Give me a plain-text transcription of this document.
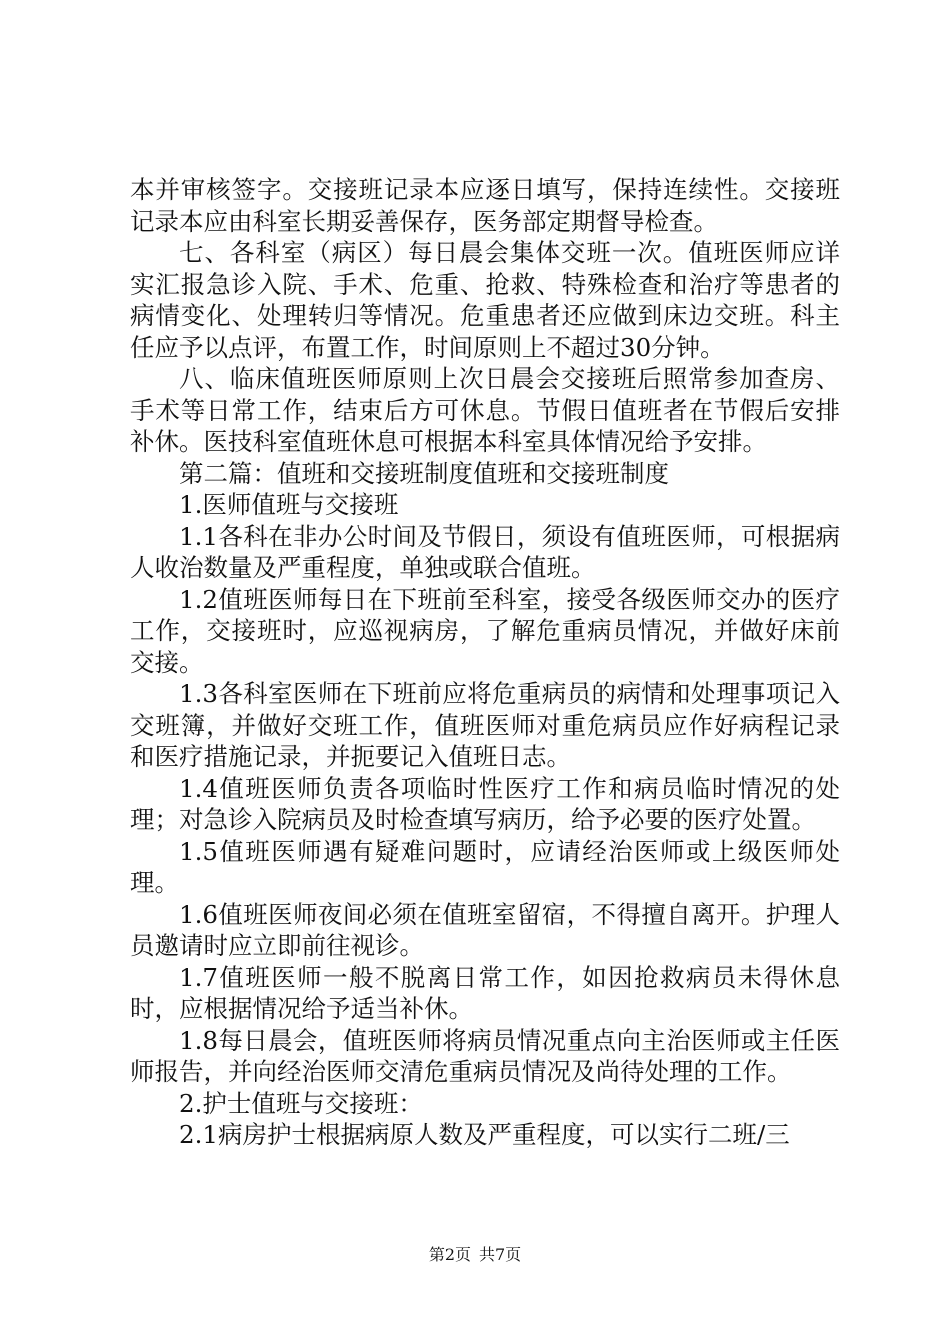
本并审核签字。交接班记录本应逐日填写，保持连续性。交接班记录本应由科室长期妥善保存，医务部定期督导检查。

七、各科室（病区）每日晨会集体交班一次。值班医师应详实汇报急诊入院、手术、危重、抢救、特殊检查和治疗等患者的病情变化、处理转归等情况。危重患者还应做到床边交班。科主任应予以点评，布置工作，时间原则上不超过30分钟。

八、临床值班医师原则上次日晨会交接班后照常参加查房、手术等日常工作，结束后方可休息。节假日值班者在节假后安排补休。医技科室值班休息可根据本科室具体情况给予安排。

第二篇：值班和交接班制度值班和交接班制度

1.医师值班与交接班

1.1各科在非办公时间及节假日，须设有值班医师，可根据病人收治数量及严重程度，单独或联合值班。

1.2值班医师每日在下班前至科室，接受各级医师交办的医疗工作，交接班时，应巡视病房，了解危重病员情况，并做好床前交接。

1.3各科室医师在下班前应将危重病员的病情和处理事项记入交班簿，并做好交班工作，值班医师对重危病员应作好病程记录和医疗措施记录，并扼要记入值班日志。

1.4值班医师负责各项临时性医疗工作和病员临时情况的处理；对急诊入院病员及时检查填写病历，给予必要的医疗处置。

1.5值班医师遇有疑难问题时，应请经治医师或上级医师处理。

1.6值班医师夜间必须在值班室留宿，不得擅自离开。护理人员邀请时应立即前往视诊。

1.7值班医师一般不脱离日常工作，如因抢救病员未得休息时，应根据情况给予适当补休。

1.8每日晨会，值班医师将病员情况重点向主治医师或主任医师报告，并向经治医师交清危重病员情况及尚待处理的工作。

2.护士值班与交接班：

2.1病房护士根据病原人数及严重程度，可以实行二班/三

第2页 共7页
